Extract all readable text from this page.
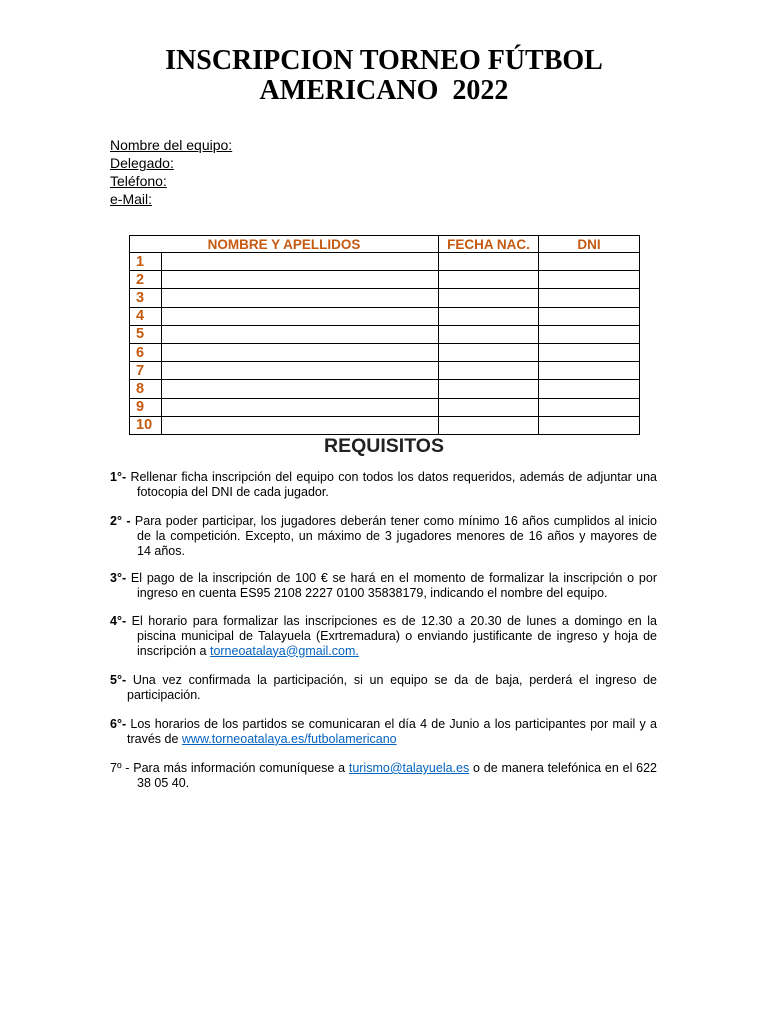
INSCRIPCION TORNEO FÚTBOL
AMERICANO  2022
Nombre del equipo:
Delegado:
Teléfono:
e-Mail:
NOMBRE Y APELLIDOS		FECHA NAC.	DNI
1			
2			
3			
4			
5			
6			
7			
8			
9			
10			
REQUISITOS
1°- Rellenar ficha inscripción del equipo con todos los datos requeridos, además de adjuntar una
fotocopia del DNI de cada jugador.
2° - Para poder participar, los jugadores deberán tener como mínimo 16 años cumplidos al inicio
de la competición. Excepto, un máximo de 3 jugadores menores de 16 años y mayores de
14 años.
3°- El pago de la inscripción de 100 € se hará en el momento de formalizar la inscripción o por
ingreso en cuenta ES95 2108 2227 0100 35838179, indicando el nombre del equipo.
4°- El horario para formalizar las inscripciones es de 12.30 a 20.30 de lunes a domingo en la
piscina municipal de Talayuela (Exrtremadura) o enviando justificante de ingreso y hoja de
inscripción a torneoatalaya@gmail.com.
5°- Una vez confirmada la participación, si un equipo se da de baja, perderá el ingreso de
participación.
6°- Los horarios de los partidos se comunicaran el día 4 de Junio a los participantes por mail y a
través de www.torneoatalaya.es/futbolamericano
7º - Para más información comuníquese a turismo@talayuela.es o de manera telefónica en el 622
38 05 40.
